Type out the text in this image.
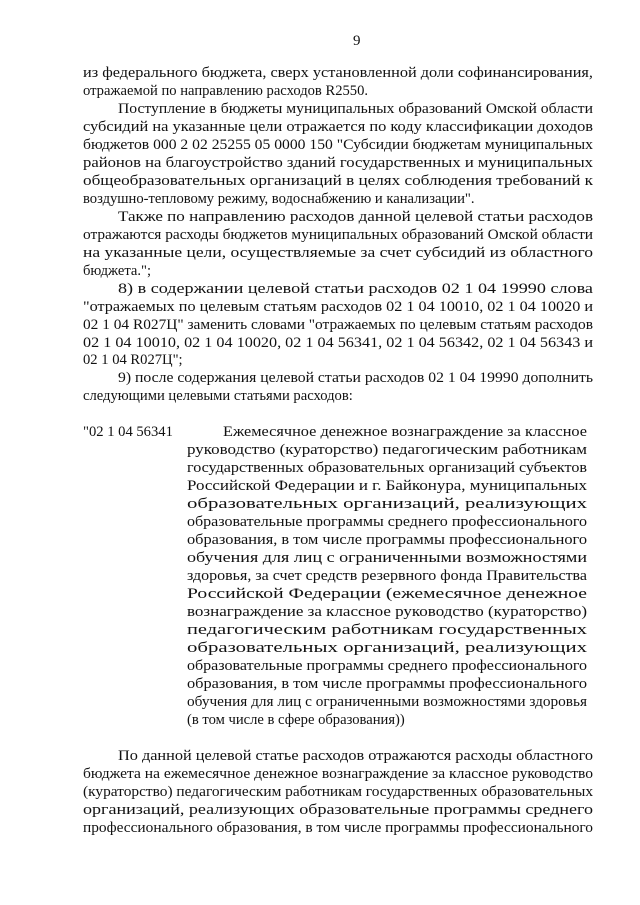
9
из федерального бюджета, сверх установленной доли софинансирования,
отражаемой по направлению расходов R2550.
Поступление в бюджеты муниципальных образований Омской области
субсидий на указанные цели отражается по коду классификации доходов
бюджетов 000 2 02 25255 05 0000 150 "Субсидии бюджетам муниципальных
районов на благоустройство зданий государственных и муниципальных
общеобразовательных организаций в целях соблюдения требований к
воздушно-тепловому режиму, водоснабжению и канализации".
Также по направлению расходов данной целевой статьи расходов
отражаются расходы бюджетов муниципальных образований Омской области
на указанные цели, осуществляемые за счет субсидий из областного
бюджета.";
8) в содержании целевой статьи расходов 02 1 04 19990 слова
"отражаемых по целевым статьям расходов 02 1 04 10010, 02 1 04 10020 и
02 1 04 R027Ц" заменить словами "отражаемых по целевым статьям расходов
02 1 04 10010, 02 1 04 10020, 02 1 04 56341, 02 1 04 56342, 02 1 04 56343 и
02 1 04 R027Ц";
9) после содержания целевой статьи расходов 02 1 04 19990 дополнить
следующими целевыми статьями расходов:
"02 1 04 56341	Ежемесячное денежное вознаграждение за классное
руководство (кураторство) педагогическим работникам
государственных образовательных организаций субъектов
Российской Федерации и г. Байконура, муниципальных
образовательных организаций, реализующих
образовательные программы среднего профессионального
образования, в том числе программы профессионального
обучения для лиц с ограниченными возможностями
здоровья, за счет средств резервного фонда Правительства
Российской Федерации (ежемесячное денежное
вознаграждение за классное руководство (кураторство)
педагогическим работникам государственных
образовательных организаций, реализующих
образовательные программы среднего профессионального
образования, в том числе программы профессионального
обучения для лиц с ограниченными возможностями здоровья
(в том числе в сфере образования))
По данной целевой статье расходов отражаются расходы областного
бюджета на ежемесячное денежное вознаграждение за классное руководство
(кураторство) педагогическим работникам государственных образовательных
организаций, реализующих образовательные программы среднего
профессионального образования, в том числе программы профессионального
